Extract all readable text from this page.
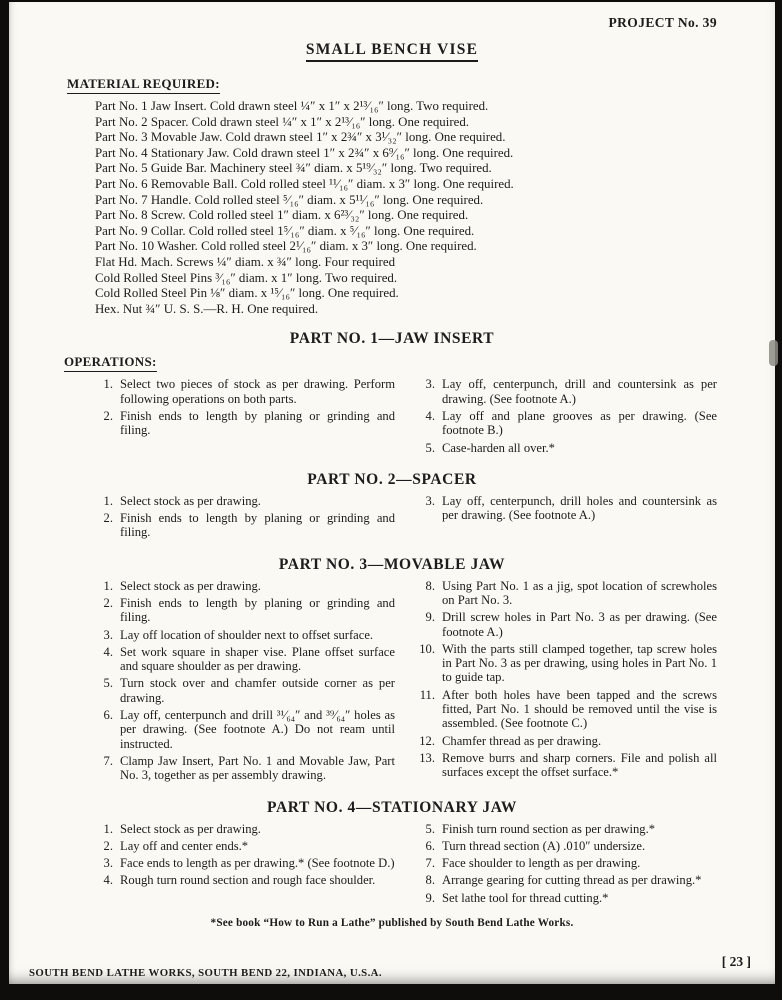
PROJECT No. 39
SMALL BENCH VISE
MATERIAL REQUIRED:
Part No. 1 Jaw Insert. Cold drawn steel ¼″ x 1″ x 2¹³⁄₁₆″ long. Two required.
Part No. 2 Spacer. Cold drawn steel ¼″ x 1″ x 2¹³⁄₁₆″ long. One required.
Part No. 3 Movable Jaw. Cold drawn steel 1″ x 2¾″ x 3¹⁄₃₂″ long. One required.
Part No. 4 Stationary Jaw. Cold drawn steel 1″ x 2¾″ x 6⁹⁄₁₆″ long. One required.
Part No. 5 Guide Bar. Machinery steel ¾″ diam. x 5¹⁹⁄₃₂″ long. Two required.
Part No. 6 Removable Ball. Cold rolled steel ¹¹⁄₁₆″ diam. x 3″ long. One required.
Part No. 7 Handle. Cold rolled steel ⁵⁄₁₆″ diam. x 5¹¹⁄₁₆″ long. One required.
Part No. 8 Screw. Cold rolled steel 1″ diam. x 6²³⁄₃₂″ long. One required.
Part No. 9 Collar. Cold rolled steel 1⁵⁄₁₆″ diam. x ⁵⁄₁₆″ long. One required.
Part No. 10 Washer. Cold rolled steel 2¹⁄₁₆″ diam. x 3″ long. One required.
Flat Hd. Mach. Screws ¼″ diam. x ¾″ long. Four required
Cold Rolled Steel Pins ³⁄₁₆″ diam. x 1″ long. Two required.
Cold Rolled Steel Pin ⅛″ diam. x ¹⁵⁄₁₆″ long. One required.
Hex. Nut ¾″ U. S. S.—R. H. One required.
PART NO. 1—JAW INSERT
OPERATIONS:
1. Select two pieces of stock as per drawing. Perform following operations on both parts.
2. Finish ends to length by planing or grinding and filing.
3. Lay off, centerpunch, drill and countersink as per drawing. (See footnote A.)
4. Lay off and plane grooves as per drawing. (See footnote B.)
5. Case-harden all over.*
PART NO. 2—SPACER
1. Select stock as per drawing.
2. Finish ends to length by planing or grinding and filing.
3. Lay off, centerpunch, drill holes and countersink as per drawing. (See footnote A.)
PART NO. 3—MOVABLE JAW
1. Select stock as per drawing.
2. Finish ends to length by planing or grinding and filing.
3. Lay off location of shoulder next to offset surface.
4. Set work square in shaper vise. Plane offset surface and square shoulder as per drawing.
5. Turn stock over and chamfer outside corner as per drawing.
6. Lay off, centerpunch and drill ³¹⁄₆₄″ and ³⁹⁄₆₄″ holes as per drawing. (See footnote A.) Do not ream until instructed.
7. Clamp Jaw Insert, Part No. 1 and Movable Jaw, Part No. 3, together as per assembly drawing.
8. Using Part No. 1 as a jig, spot location of screwholes on Part No. 3.
9. Drill screw holes in Part No. 3 as per drawing. (See footnote A.)
10. With the parts still clamped together, tap screw holes in Part No. 3 as per drawing, using holes in Part No. 1 to guide tap.
11. After both holes have been tapped and the screws fitted, Part No. 1 should be removed until the vise is assembled. (See footnote C.)
12. Chamfer thread as per drawing.
13. Remove burrs and sharp corners. File and polish all surfaces except the offset surface.*
PART NO. 4—STATIONARY JAW
1. Select stock as per drawing.
2. Lay off and center ends.*
3. Face ends to length as per drawing.* (See footnote D.)
4. Rough turn round section and rough face shoulder.
5. Finish turn round section as per drawing.*
6. Turn thread section (A) .010″ undersize.
7. Face shoulder to length as per drawing.
8. Arrange gearing for cutting thread as per drawing.*
9. Set lathe tool for thread cutting.*
*See book “How to Run a Lathe” published by South Bend Lathe Works.
SOUTH BEND LATHE WORKS, SOUTH BEND 22, INDIANA, U.S.A.
[ 23 ]
